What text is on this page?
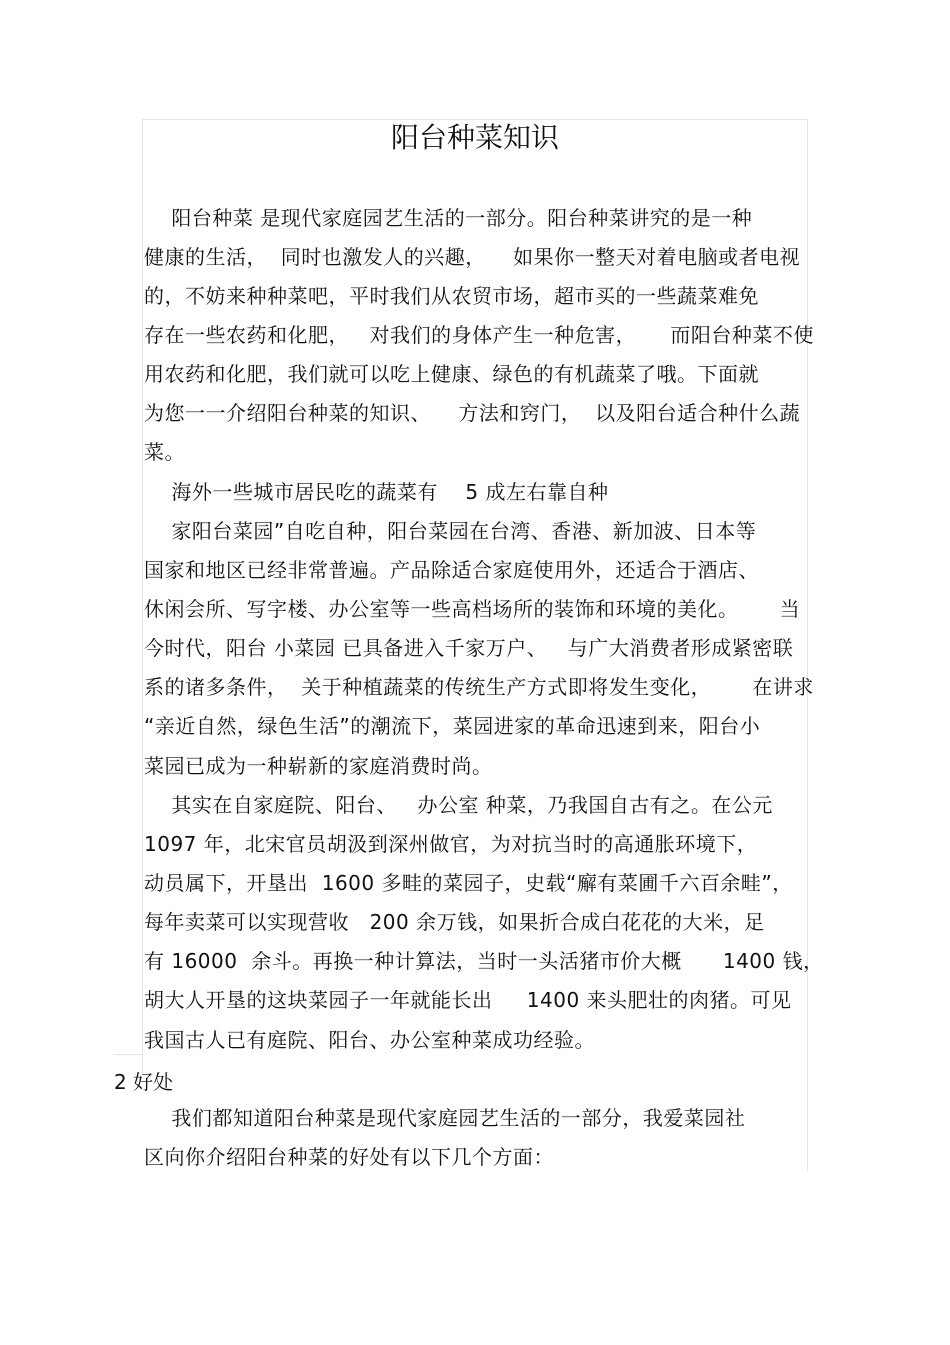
阳台种菜知识
阳台种菜 是现代家庭园艺生活的一部分。阳台种菜讲究的是一种
健康的生活，  同时也激发人的兴趣，    如果你一整天对着电脑或者电视
的，不妨来种种菜吧，平时我们从农贸市场，超市买的一些蔬菜难免
存在一些农药和化肥，   对我们的身体产生一种危害，     而阳台种菜不使
用农药和化肥，我们就可以吃上健康、绿色的有机蔬菜了哦。下面就
为您一一介绍阳台种菜的知识、    方法和窍门，  以及阳台适合种什么蔬
菜。
海外一些城市居民吃的蔬菜有    5 成左右靠自种
家阳台菜园”自吃自种，阳台菜园在台湾、香港、新加波、日本等
国家和地区已经非常普遍。产品除适合家庭使用外，还适合于酒店、
休闲会所、写字楼、办公室等一些高档场所的装饰和环境的美化。      当
今时代，阳台 小菜园 已具备进入千家万户、   与广大消费者形成紧密联
系的诸多条件，  关于种植蔬菜的传统生产方式即将发生变化，      在讲求
“亲近自然，绿色生活”的潮流下，菜园进家的革命迅速到来，阳台小
菜园已成为一种崭新的家庭消费时尚。
其实在自家庭院、阳台、   办公室 种菜，乃我国自古有之。在公元
1097 年，北宋官员胡汲到深州做官，为对抗当时的高通胀环境下，
动员属下，开垦出  1600 多畦的菜园子，史载“廨有菜圃千六百余畦”，
每年卖菜可以实现营收   200 余万钱，如果折合成白花花的大米，足
有 16000  余斗。再换一种计算法，当时一头活猪市价大概      1400 钱，
胡大人开垦的这块菜园子一年就能长出     1400 来头肥壮的肉猪。可见
我国古人已有庭院、阳台、办公室种菜成功经验。
2 好处
我们都知道阳台种菜是现代家庭园艺生活的一部分，我爱菜园社
区向你介绍阳台种菜的好处有以下几个方面：
